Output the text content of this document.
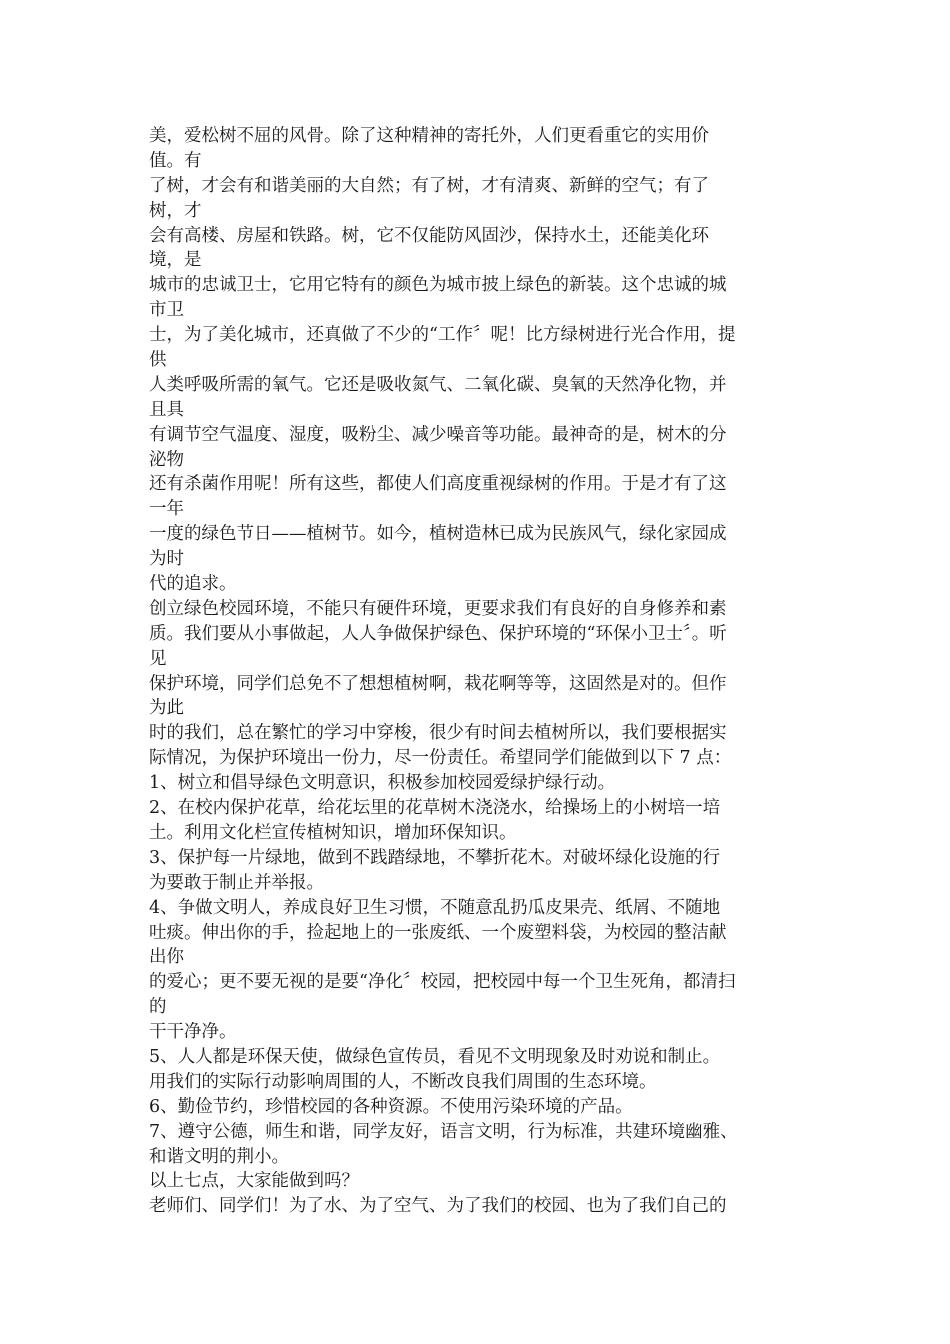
美，爱松树不屈的风骨。除了这种精神的寄托外，人们更看重它的实用价
值。有
了树，才会有和谐美丽的大自然；有了树，才有清爽、新鲜的空气；有了
树，才
会有高楼、房屋和铁路。树，它不仅能防风固沙，保持水土，还能美化环
境，是
城市的忠诚卫士，它用它特有的颜色为城市披上绿色的新装。这个忠诚的城
市卫
士，为了美化城市，还真做了不少的“工作〞呢！比方绿树进行光合作用，提
供
人类呼吸所需的氧气。它还是吸收氮气、二氧化碳、臭氧的天然净化物，并
且具
有调节空气温度、湿度，吸粉尘、减少噪音等功能。最神奇的是，树木的分
泌物
还有杀菌作用呢！所有这些，都使人们高度重视绿树的作用。于是才有了这
一年
一度的绿色节日——植树节。如今，植树造林已成为民族风气，绿化家园成
为时
代的追求。
创立绿色校园环境，不能只有硬件环境，更要求我们有良好的自身修养和素
质。我们要从小事做起，人人争做保护绿色、保护环境的“环保小卫士〞。听
见
保护环境，同学们总免不了想想植树啊，栽花啊等等，这固然是对的。但作
为此
时的我们，总在繁忙的学习中穿梭，很少有时间去植树所以，我们要根据实
际情况，为保护环境出一份力，尽一份责任。希望同学们能做到以下 7 点：
1、树立和倡导绿色文明意识，积极参加校园爱绿护绿行动。
2、在校内保护花草，给花坛里的花草树木浇浇水，给操场上的小树培一培
土。利用文化栏宣传植树知识，增加环保知识。
3、保护每一片绿地，做到不践踏绿地，不攀折花木。对破坏绿化设施的行
为要敢于制止并举报。
4、争做文明人，养成良好卫生习惯，不随意乱扔瓜皮果壳、纸屑、不随地
吐痰。伸出你的手，捡起地上的一张废纸、一个废塑料袋，为校园的整洁献
出你
的爱心；更不要无视的是要“净化〞校园，把校园中每一个卫生死角，都清扫
的
干干净净。
5、人人都是环保天使，做绿色宣传员，看见不文明现象及时劝说和制止。
用我们的实际行动影响周围的人，不断改良我们周围的生态环境。
6、勤俭节约，珍惜校园的各种资源。不使用污染环境的产品。
7、遵守公德，师生和谐，同学友好，语言文明，行为标准，共建环境幽雅、
和谐文明的荆小。
以上七点，大家能做到吗？
老师们、同学们！为了水、为了空气、为了我们的校园、也为了我们自己的
